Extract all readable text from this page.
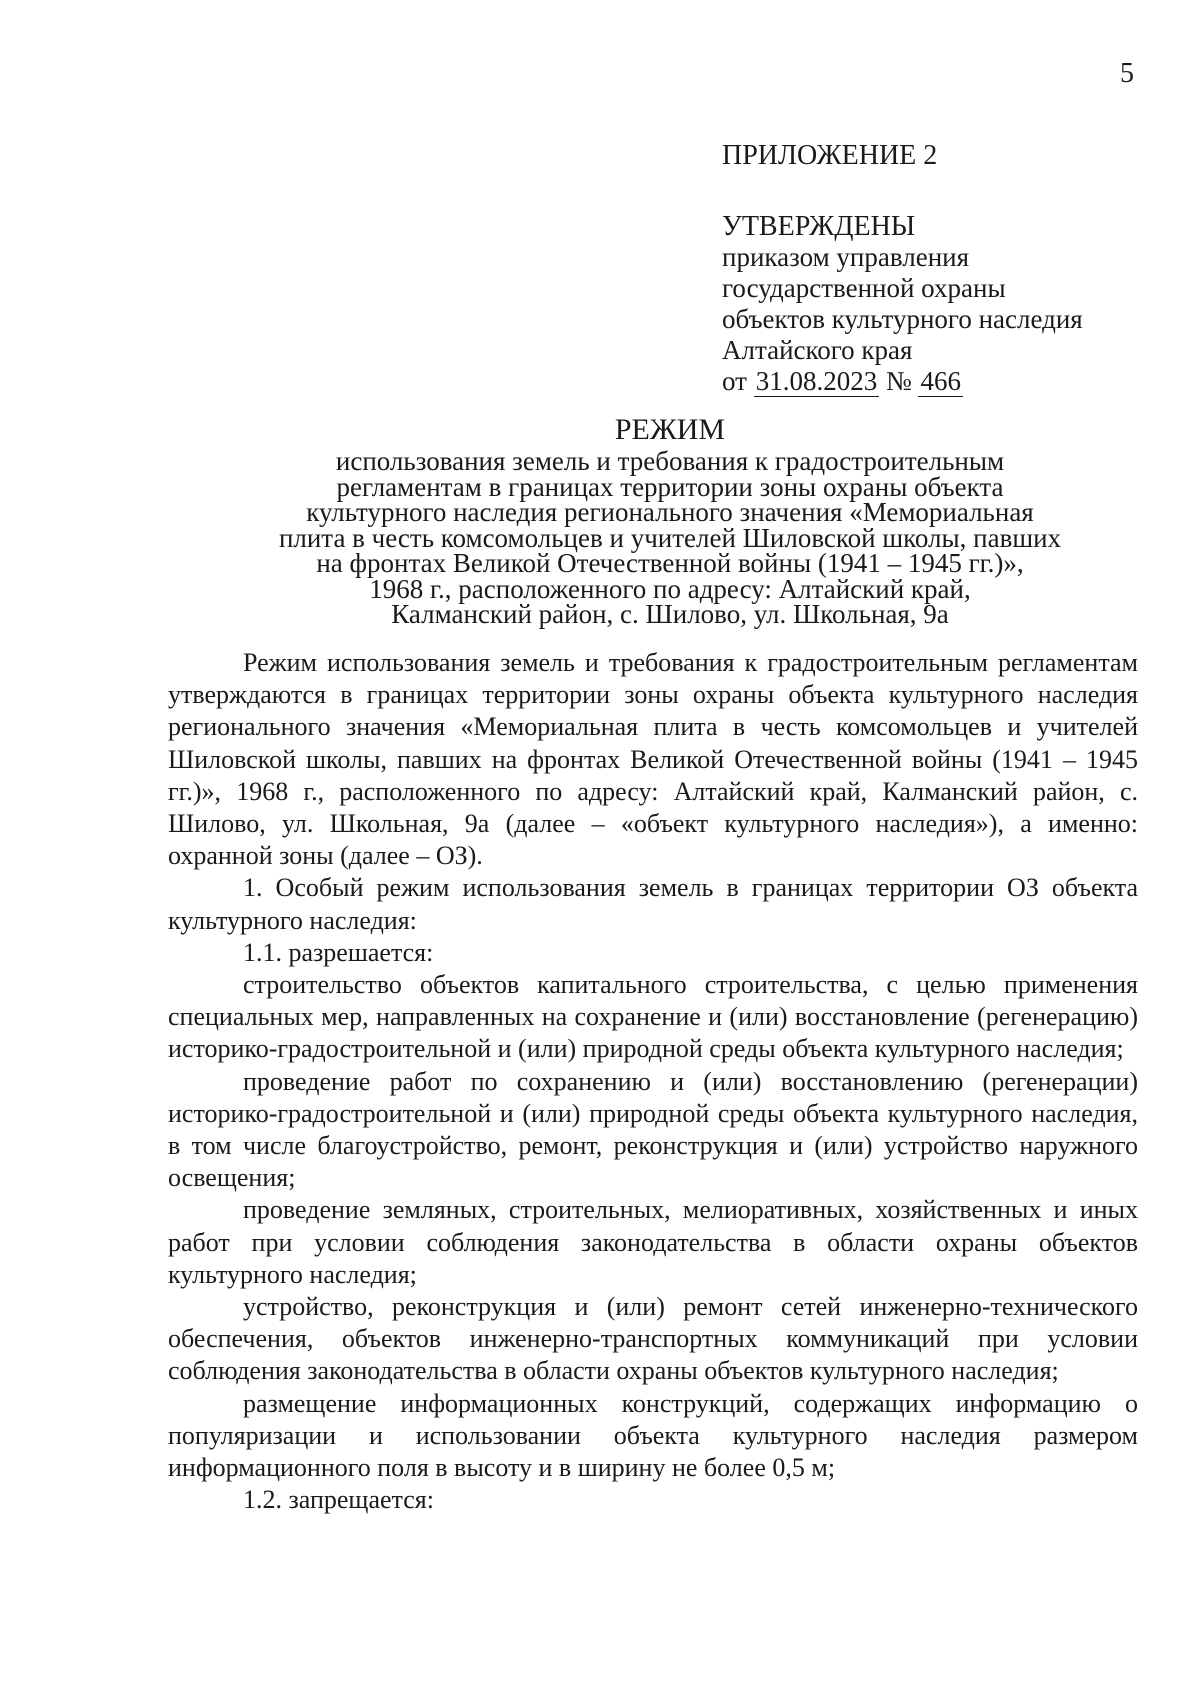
5
ПРИЛОЖЕНИЕ 2
УТВЕРЖДЕНЫ
приказом управления
государственной охраны
объектов культурного наследия
Алтайского края
от 31.08.2023 № 466
РЕЖИМ
использования земель и требования к градостроительным
регламентам в границах территории зоны охраны объекта
культурного наследия регионального значения «Мемориальная
плита в честь комсомольцев и учителей Шиловской школы, павших
на фронтах Великой Отечественной войны (1941 – 1945 гг.)»,
1968 г., расположенного по адресу: Алтайский край,
Калманский район, с. Шилово, ул. Школьная, 9а

Режим использования земель и требования к градостроительным регламентам утверждаются в границах территории зоны охраны объекта культурного наследия регионального значения «Мемориальная плита в честь комсомольцев и учителей Шиловской школы, павших на фронтах Великой Отечественной войны (1941 – 1945 гг.)», 1968 г., расположенного по адресу: Алтайский край, Калманский район, с. Шилово, ул. Школьная, 9а (далее – «объект культурного наследия»), а именно: охранной зоны (далее – ОЗ).

1. Особый режим использования земель в границах территории ОЗ объекта культурного наследия:

1.1. разрешается:

строительство объектов капитального строительства, с целью применения специальных мер, направленных на сохранение и (или) восстановление (регенерацию) историко-градостроительной и (или) природной среды объекта культурного наследия;

проведение работ по сохранению и (или) восстановлению (регенерации) историко-градостроительной и (или) природной среды объекта культурного наследия, в том числе благоустройство, ремонт, реконструкция и (или) устройство наружного освещения;

проведение земляных, строительных, мелиоративных, хозяйственных и иных работ при условии соблюдения законодательства в области охраны объектов культурного наследия;

устройство, реконструкция и (или) ремонт сетей инженерно-технического обеспечения, объектов инженерно-транспортных коммуникаций при условии соблюдения законодательства в области охраны объектов культурного наследия;

размещение информационных конструкций, содержащих информацию о популяризации и использовании объекта культурного наследия размером информационного поля в высоту и в ширину не более 0,5 м;

1.2. запрещается:
